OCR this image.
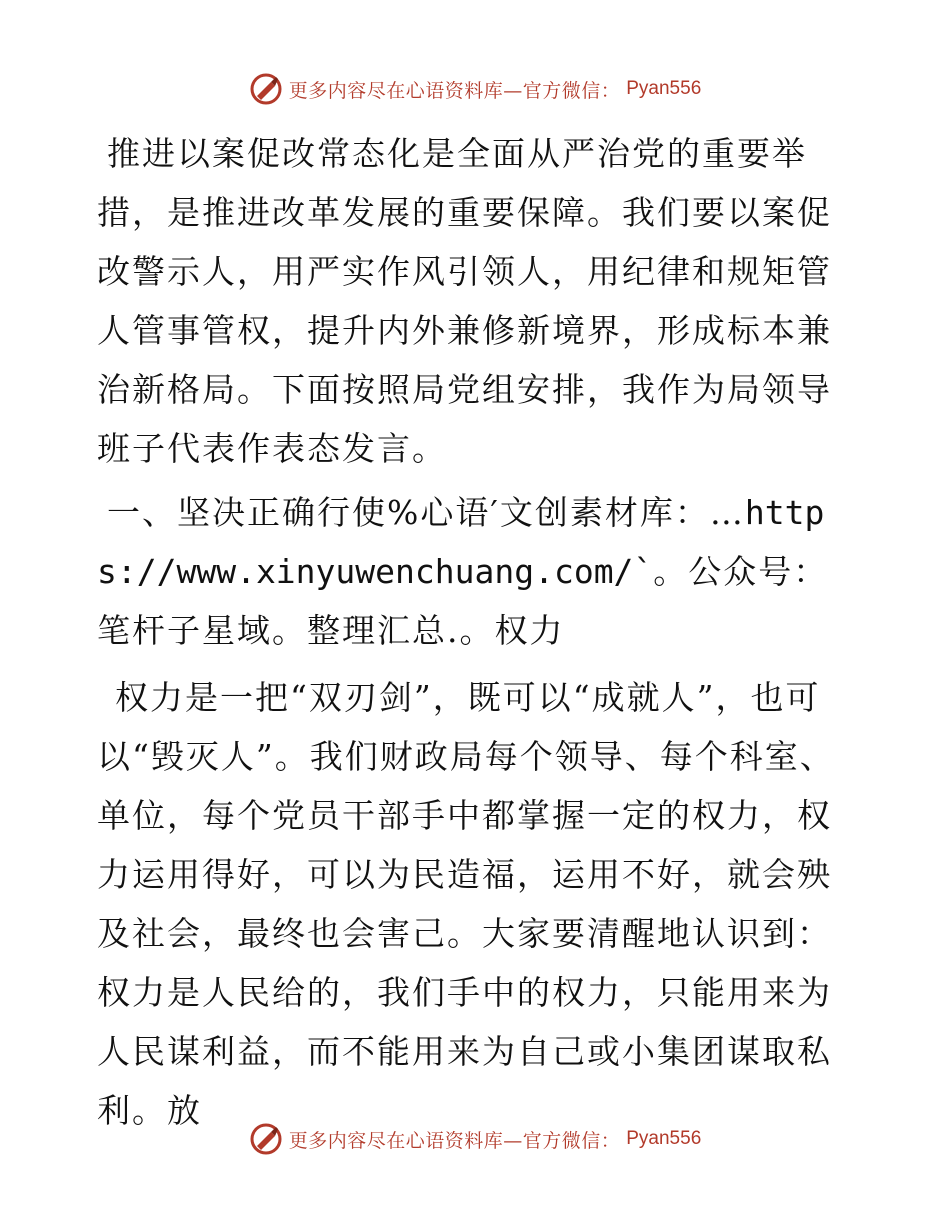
更多内容尽在心语资料库—官方微信： Pyan556

推进以案促改常态化是全面从严治党的重要举措，是推进改革发展的重要保障。我们要以案促改警示人，用严实作风引领人，用纪律和规矩管人管事管权，提升内外兼修新境界，形成标本兼治新格局。下面按照局党组安排，我作为局领导班子代表作表态发言。

一、坚决正确行使%心语′文创素材库：…https://www.xinyuwenchuang.com/`。公众号：笔杆子星域。整理汇总.。权力

权力是一把“双刃剑”，既可以“成就人”，也可以“毁灭人”。我们财政局每个领导、每个科室、单位，每个党员干部手中都掌握一定的权力，权力运用得好，可以为民造福，运用不好，就会殃及社会，最终也会害己。大家要清醒地认识到：权力是人民给的，我们手中的权力，只能用来为人民谋利益，而不能用来为自己或小集团谋取私利。放

更多内容尽在心语资料库—官方微信： Pyan556
